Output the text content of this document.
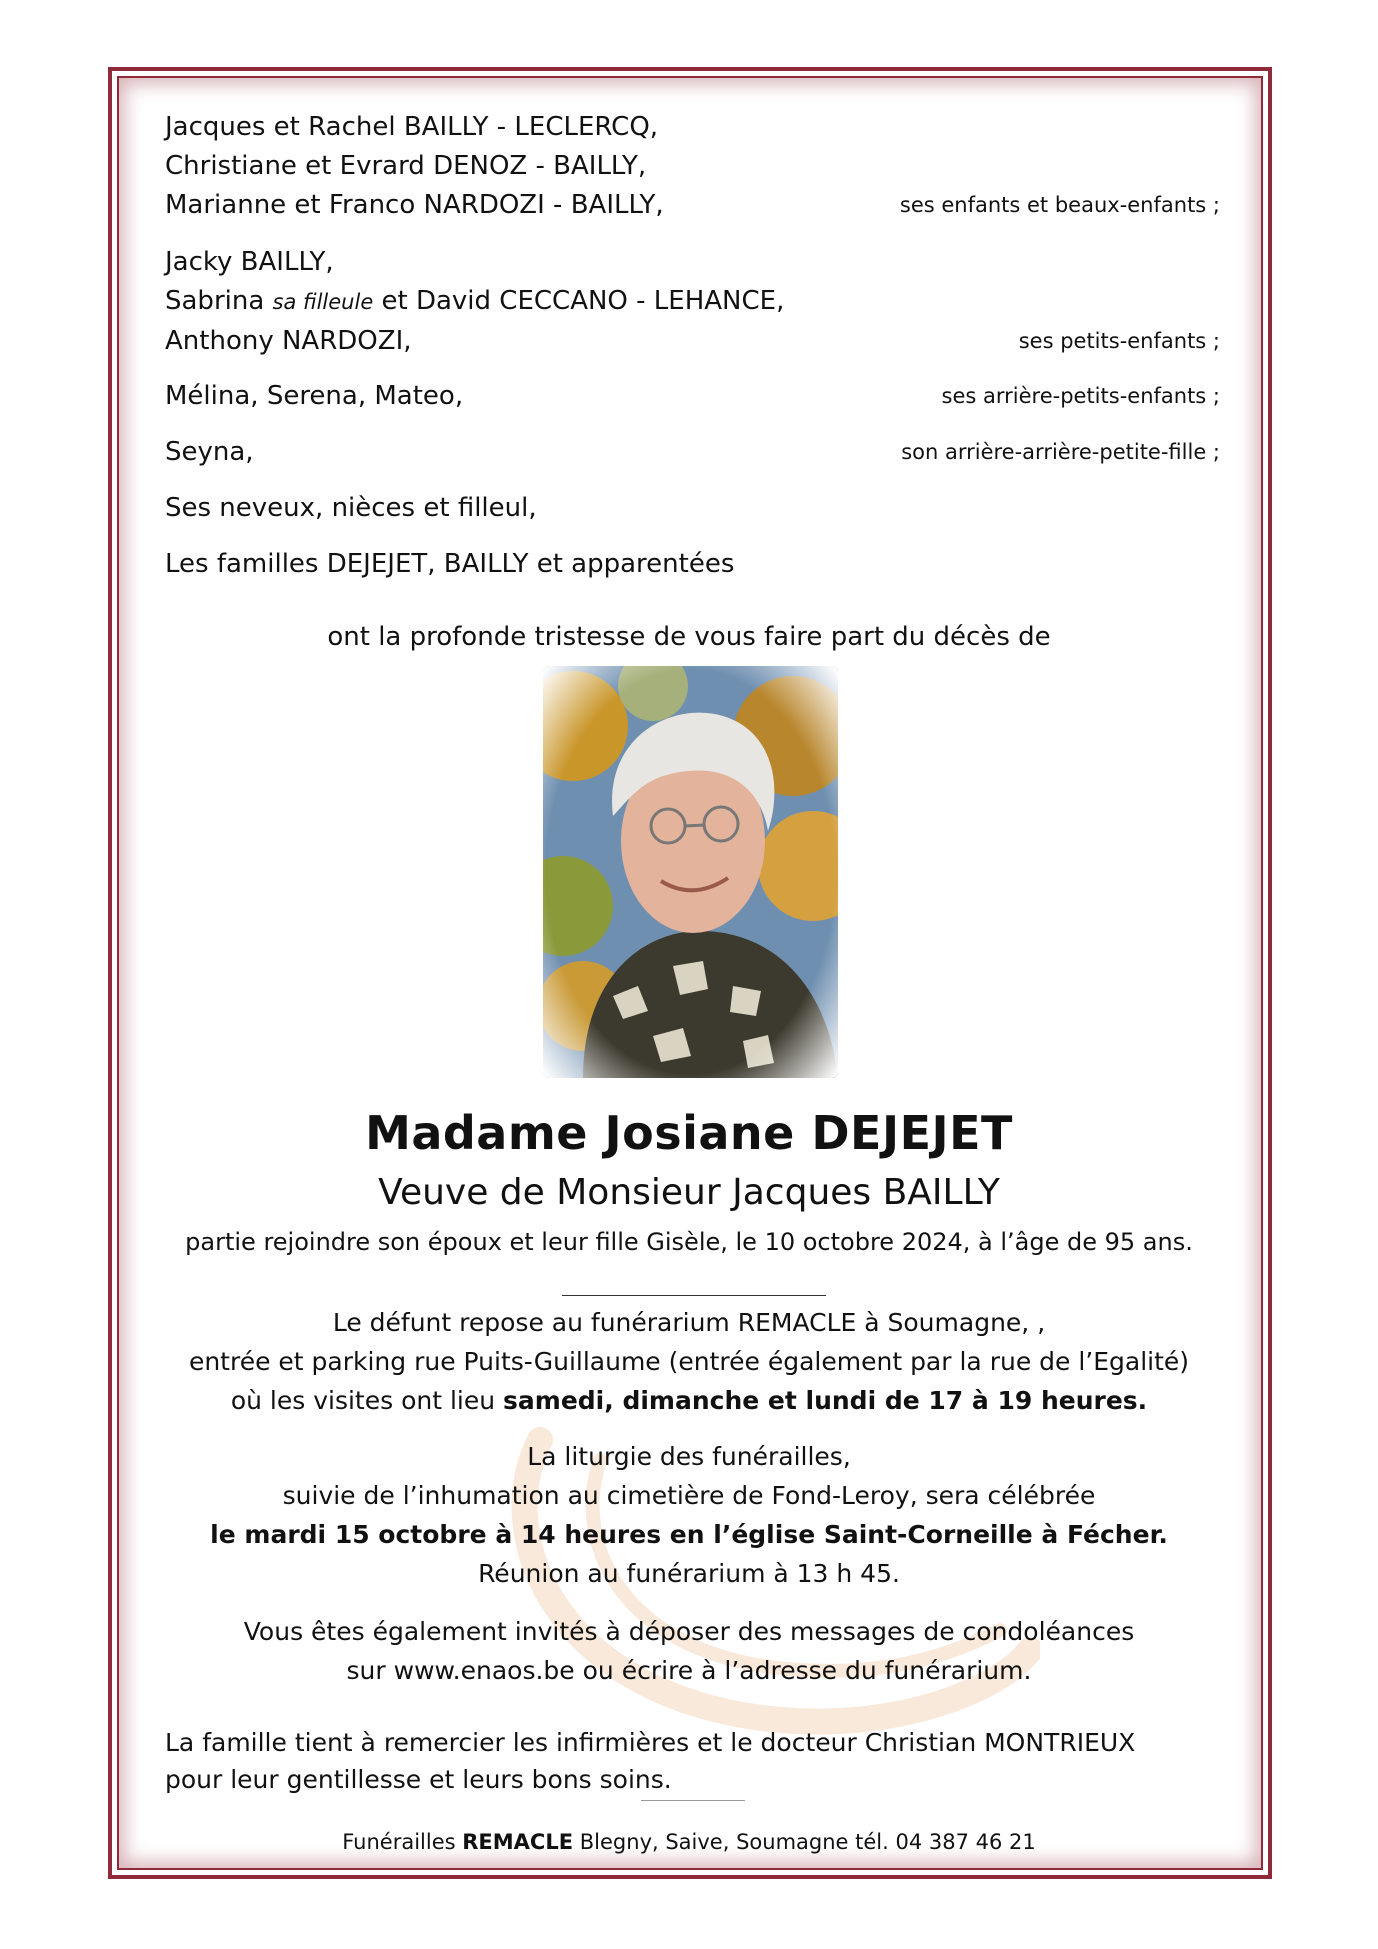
Jacques et Rachel BAILLY - LECLERCQ,
Christiane et Evrard DENOZ - BAILLY,
Marianne et Franco NARDOZI - BAILLY,	ses enfants et beaux-enfants ;
Jacky BAILLY,
Sabrina sa filleule et David CECCANO - LEHANCE,
Anthony NARDOZI,	ses petits-enfants ;
Mélina, Serena, Mateo,	ses arrière-petits-enfants ;
Seyna,	son arrière-arrière-petite-fille ;
Ses neveux, nièces et filleul,
Les familles DEJEJET, BAILLY et apparentées
ont la profonde tristesse de vous faire part du décès de
Madame Josiane DEJEJET
Veuve de Monsieur Jacques BAILLY
partie rejoindre son époux et leur fille Gisèle, le 10 octobre 2024, à l’âge de 95 ans.
Le défunt repose au funérarium REMACLE à Soumagne, ,
entrée et parking rue Puits-Guillaume (entrée également par la rue de l’Egalité)
où les visites ont lieu samedi, dimanche et lundi de 17 à 19 heures.
La liturgie des funérailles,
suivie de l’inhumation au cimetière de Fond-Leroy, sera célébrée
le mardi 15 octobre à 14 heures en l’église Saint-Corneille à Fécher.
Réunion au funérarium à 13 h 45.
Vous êtes également invités à déposer des messages de condoléances
sur www.enaos.be ou écrire à l’adresse du funérarium.
La famille tient à remercier les infirmières et le docteur Christian MONTRIEUX
pour leur gentillesse et leurs bons soins.
Funérailles REMACLE Blegny, Saive, Soumagne tél. 04 387 46 21
